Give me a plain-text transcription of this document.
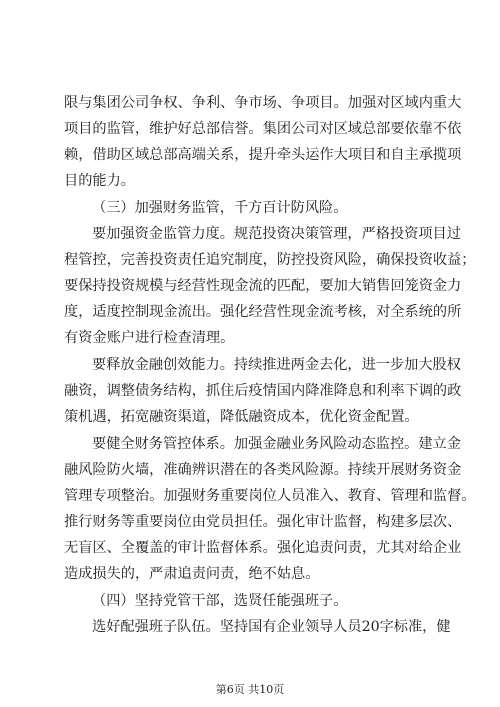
限与集团公司争权、争利、争市场、争项目。加强对区域内重大
项目的监管，维护好总部信誉。集团公司对区域总部要依靠不依
赖，借助区域总部高端关系，提升牵头运作大项目和自主承揽项
目的能力。
（三）加强财务监管，千方百计防风险。
要加强资金监管力度。规范投资决策管理，严格投资项目过
程管控，完善投资责任追究制度，防控投资风险，确保投资收益；
要保持投资规模与经营性现金流的匹配，要加大销售回笼资金力
度，适度控制现金流出。强化经营性现金流考核，对全系统的所
有资金账户进行检查清理。
要释放金融创效能力。持续推进两金去化，进一步加大股权
融资，调整债务结构，抓住后疫情国内降准降息和利率下调的政
策机遇，拓宽融资渠道，降低融资成本，优化资金配置。
要健全财务管控体系。加强金融业务风险动态监控。建立金
融风险防火墙，准确辨识潜在的各类风险源。持续开展财务资金
管理专项整治。加强财务重要岗位人员准入、教育、管理和监督。
推行财务等重要岗位由党员担任。强化审计监督，构建多层次、
无盲区、全覆盖的审计监督体系。强化追责问责，尤其对给企业
造成损失的，严肃追责问责，绝不姑息。
（四）坚持党管干部，选贤任能强班子。
选好配强班子队伍。坚持国有企业领导人员20字标准，健
第6页 共10页
